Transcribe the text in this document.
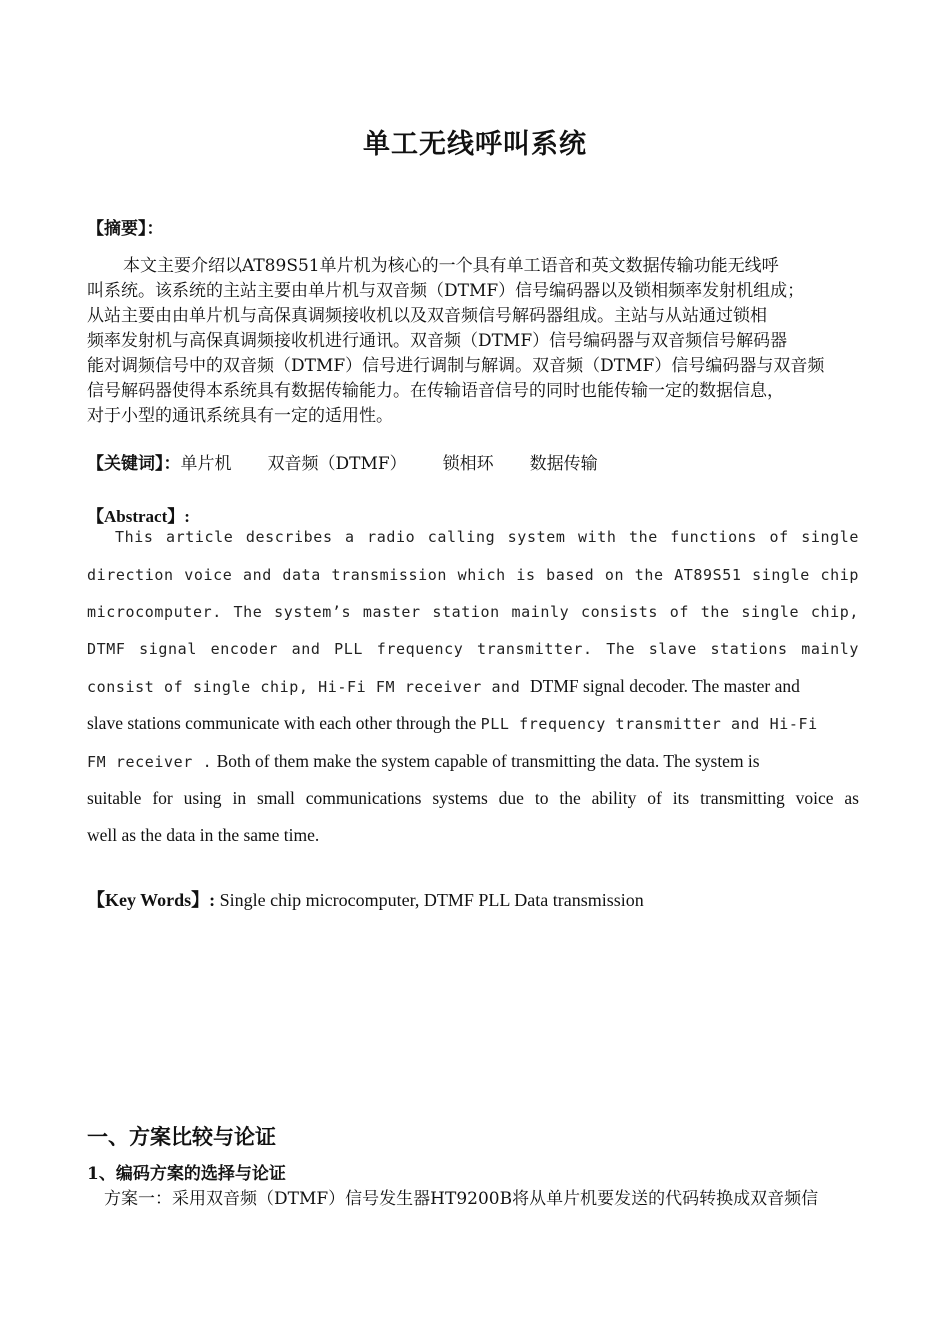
单工无线呼叫系统
【摘要】：
本文主要介绍以AT89S51单片机为核心的一个具有单工语音和英文数据传输功能无线呼
叫系统。该系统的主站主要由单片机与双音频（DTMF）信号编码器以及锁相频率发射机组成；
从站主要由由单片机与高保真调频接收机以及双音频信号解码器组成。主站与从站通过锁相
频率发射机与高保真调频接收机进行通讯。双音频（DTMF）信号编码器与双音频信号解码器
能对调频信号中的双音频（DTMF）信号进行调制与解调。双音频（DTMF）信号编码器与双音频
信号解码器使得本系统具有数据传输能力。在传输语音信号的同时也能传输一定的数据信息，
对于小型的通讯系统具有一定的适用性。
【关键词】：单片机 双音频（DTMF） 锁相环 数据传输
【Abstract】:
This article describes a radio calling system with the functions of single
direction voice and data transmission which is based on the AT89S51 single chip
microcomputer. The system’s master station mainly consists of the single chip,
DTMF signal encoder and PLL frequency transmitter. The slave stations mainly
consist of single chip, Hi-Fi FM receiver and DTMF signal decoder. The master and
slave stations communicate with each other through the PLL frequency transmitter and Hi-Fi
FM receiver . Both of them make the system capable of transmitting the data. The system is
suitable for using in small communications systems due to the ability of its transmitting voice as
well as the data in the same time.
【Key Words】: Single chip microcomputer, DTMF PLL Data transmission
一、方案比较与论证
1、编码方案的选择与论证
方案一：采用双音频（DTMF）信号发生器HT9200B将从单片机要发送的代码转换成双音频信
